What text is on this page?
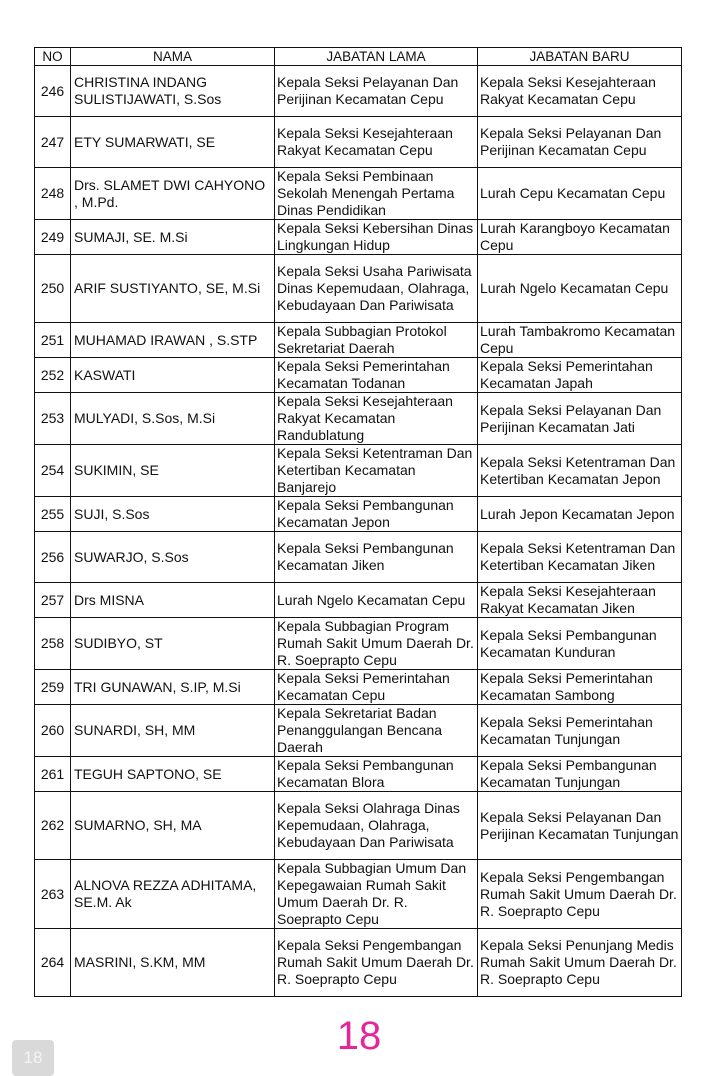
NO	NAMA	JABATAN LAMA	JABATAN BARU
246	CHRISTINA INDANG SULISTIJAWATI, S.Sos	Kepala Seksi Pelayanan Dan Perijinan Kecamatan Cepu	Kepala Seksi Kesejahteraan Rakyat Kecamatan Cepu
247	ETY SUMARWATI, SE	Kepala Seksi Kesejahteraan Rakyat Kecamatan Cepu	Kepala Seksi Pelayanan Dan Perijinan Kecamatan Cepu
248	Drs. SLAMET DWI CAHYONO , M.Pd.	Kepala Seksi Pembinaan Sekolah Menengah Pertama Dinas Pendidikan	Lurah Cepu Kecamatan Cepu
249	SUMAJI, SE. M.Si	Kepala Seksi Kebersihan Dinas Lingkungan Hidup	Lurah Karangboyo Kecamatan Cepu
250	ARIF SUSTIYANTO, SE, M.Si	Kepala Seksi Usaha Pariwisata Dinas Kepemudaan, Olahraga, Kebudayaan Dan Pariwisata	Lurah Ngelo Kecamatan Cepu
251	MUHAMAD IRAWAN , S.STP	Kepala Subbagian Protokol Sekretariat Daerah	Lurah Tambakromo Kecamatan Cepu
252	KASWATI	Kepala Seksi Pemerintahan Kecamatan Todanan	Kepala Seksi Pemerintahan Kecamatan Japah
253	MULYADI, S.Sos, M.Si	Kepala Seksi Kesejahteraan Rakyat Kecamatan Randublatung	Kepala Seksi Pelayanan Dan Perijinan Kecamatan Jati
254	SUKIMIN, SE	Kepala Seksi Ketentraman Dan Ketertiban Kecamatan Banjarejo	Kepala Seksi Ketentraman Dan Ketertiban Kecamatan Jepon
255	SUJI, S.Sos	Kepala Seksi Pembangunan Kecamatan Jepon	Lurah Jepon Kecamatan Jepon
256	SUWARJO, S.Sos	Kepala Seksi Pembangunan Kecamatan Jiken	Kepala Seksi Ketentraman Dan Ketertiban Kecamatan Jiken
257	Drs MISNA	Lurah Ngelo Kecamatan Cepu	Kepala Seksi Kesejahteraan Rakyat Kecamatan Jiken
258	SUDIBYO, ST	Kepala Subbagian Program Rumah Sakit Umum Daerah Dr. R. Soeprapto Cepu	Kepala Seksi Pembangunan Kecamatan Kunduran
259	TRI GUNAWAN, S.IP, M.Si	Kepala Seksi Pemerintahan Kecamatan Cepu	Kepala Seksi Pemerintahan Kecamatan Sambong
260	SUNARDI, SH, MM	Kepala Sekretariat Badan Penanggulangan Bencana Daerah	Kepala Seksi Pemerintahan Kecamatan Tunjungan
261	TEGUH SAPTONO, SE	Kepala Seksi Pembangunan Kecamatan Blora	Kepala Seksi Pembangunan Kecamatan Tunjungan
262	SUMARNO, SH, MA	Kepala Seksi Olahraga Dinas Kepemudaan, Olahraga, Kebudayaan Dan Pariwisata	Kepala Seksi Pelayanan Dan Perijinan Kecamatan Tunjungan
263	ALNOVA REZZA ADHITAMA, SE.M. Ak	Kepala Subbagian Umum Dan Kepegawaian Rumah Sakit Umum Daerah Dr. R. Soeprapto Cepu	Kepala Seksi Pengembangan Rumah Sakit Umum Daerah Dr. R. Soeprapto Cepu
264	MASRINI, S.KM, MM	Kepala Seksi Pengembangan Rumah Sakit Umum Daerah Dr. R. Soeprapto Cepu	Kepala Seksi Penunjang Medis Rumah Sakit Umum Daerah Dr. R. Soeprapto Cepu
18
18
